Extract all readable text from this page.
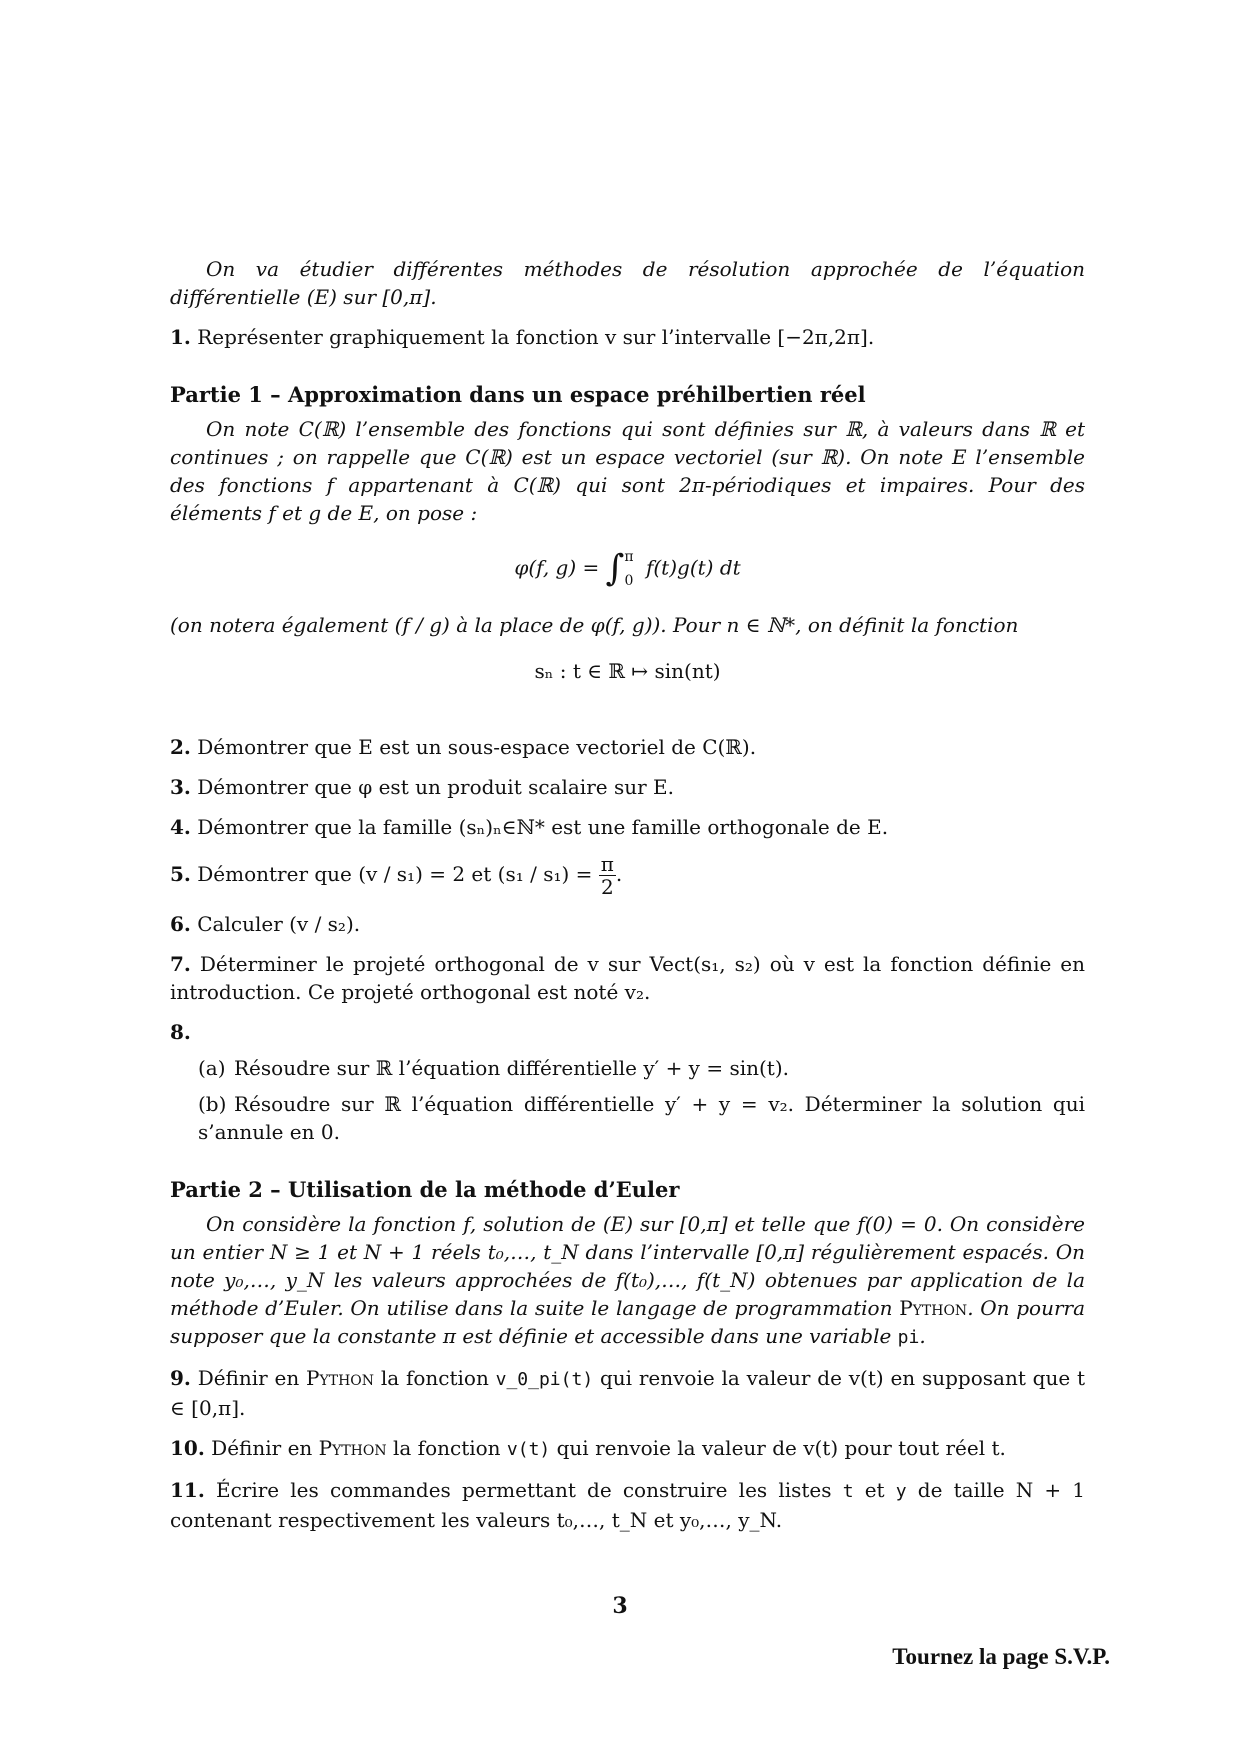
On va étudier différentes méthodes de résolution approchée de l’équation différentielle (E) sur [0,π].

1. Représenter graphiquement la fonction v sur l’intervalle [−2π,2π].

Partie 1 – Approximation dans un espace préhilbertien réel

On note C(ℝ) l’ensemble des fonctions qui sont définies sur ℝ, à valeurs dans ℝ et continues ; on rappelle que C(ℝ) est un espace vectoriel (sur ℝ). On note E l’ensemble des fonctions f appartenant à C(ℝ) qui sont 2π-périodiques et impaires. Pour des éléments f et g de E, on pose :

φ(f, g) = ∫ π
0
f(t)g(t) dt

(on notera également (f / g) à la place de φ(f, g)). Pour n ∈ ℕ*, on définit la fonction

sₙ : t ∈ ℝ ↦ sin(nt)

2. Démontrer que E est un sous-espace vectoriel de C(ℝ).

3. Démontrer que φ est un produit scalaire sur E.

4. Démontrer que la famille (sₙ)ₙ∈ℕ* est une famille orthogonale de E.

5. Démontrer que (v / s₁) = 2 et $(s_1 / s_1) = \frac{\pi}{2}$ .

6. Calculer (v / s₂).

7. Déterminer le projeté orthogonal de v sur Vect(s₁, s₂) où v est la fonction définie en introduction. Ce projeté orthogonal est noté v₂.

8.

(a) Résoudre sur ℝ l’équation différentielle y′ + y = sin(t).

(b) Résoudre sur ℝ l’équation différentielle y′ + y = v₂. Déterminer la solution qui s’annule en 0.

Partie 2 – Utilisation de la méthode d’Euler

On considère la fonction f, solution de (E) sur [0,π] et telle que f(0) = 0. On considère un entier N ≥ 1 et N + 1 réels t₀,…, t_N dans l’intervalle [0,π] régulièrement espacés. On note y₀,…, y_N les valeurs approchées de f(t₀),…, f(t_N) obtenues par application de la méthode d’Euler. On utilise dans la suite le langage de programmation Python. On pourra supposer que la constante π est définie et accessible dans une variable pi.

9. Définir en Python la fonction v_0_pi(t) qui renvoie la valeur de v(t) en supposant que t ∈ [0,π].

10. Définir en Python la fonction v(t) qui renvoie la valeur de v(t) pour tout réel t.

11. Écrire les commandes permettant de construire les listes t et y de taille N + 1 contenant respectivement les valeurs t₀,…, t_N et y₀,…, y_N.

3
Tournez la page S.V.P.
